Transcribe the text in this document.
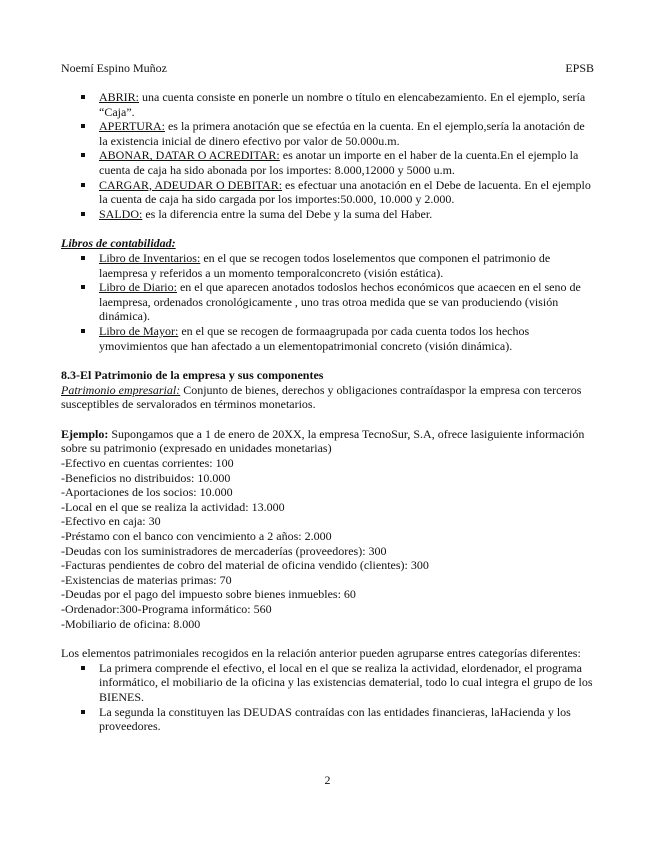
Noemí Espino Muñoz	EPSB
ABRIR: una cuenta consiste en ponerle un nombre o título en elencabezamiento. En el ejemplo, sería “Caja”.
APERTURA: es la primera anotación que se efectúa en la cuenta. En el ejemplo,sería la anotación de la existencia inicial de dinero efectivo por valor de 50.000u.m.
ABONAR, DATAR O ACREDITAR: es anotar un importe en el haber de la cuenta.En el ejemplo la cuenta de caja ha sido abonada por los importes: 8.000,12000 y 5000 u.m.
CARGAR, ADEUDAR O DEBITAR: es efectuar una anotación en el Debe de lacuenta. En el ejemplo la cuenta de caja ha sido cargada por los importes:50.000, 10.000 y 2.000.
SALDO: es la diferencia entre la suma del Debe y la suma del Haber.
Libros de contabilidad:
Libro de Inventarios: en el que se recogen todos loselementos que componen el patrimonio de laempresa y referidos a un momento temporalconcreto (visión estática).
Libro de Diario: en el que aparecen anotados todoslos hechos económicos que acaecen en el seno de laempresa, ordenados cronológicamente , uno tras otroa medida que se van produciendo (visión dinámica).
Libro de Mayor: en el que se recogen de formaagrupada por cada cuenta todos los hechos ymovimientos que han afectado a un elementopatrimonial concreto (visión dinámica).
8.3-El Patrimonio de la empresa y sus componentes
Patrimonio empresarial: Conjunto de bienes, derechos y obligaciones contraídaspor la empresa con terceros susceptibles de servalorados en términos monetarios.
Ejemplo: Supongamos que a 1 de enero de 20XX, la empresa TecnoSur, S.A, ofrece lasiguiente información sobre su patrimonio (expresado en unidades monetarias)
-Efectivo en cuentas corrientes: 100
-Beneficios no distribuidos: 10.000
-Aportaciones de los socios: 10.000
-Local en el que se realiza la actividad: 13.000
-Efectivo en caja: 30
-Préstamo con el banco con vencimiento a 2 años: 2.000
-Deudas con los suministradores de mercaderías (proveedores): 300
-Facturas pendientes de cobro del material de oficina vendido (clientes): 300
-Existencias de materias primas: 70
-Deudas por el pago del impuesto sobre bienes inmuebles: 60
-Ordenador:300-Programa informático: 560
-Mobiliario de oficina: 8.000
Los elementos patrimoniales recogidos en la relación anterior pueden agruparse entres categorías diferentes:
La primera comprende el efectivo, el local en el que se realiza la actividad, elordenador, el programa informático, el mobiliario de la oficina y las existencias dematerial, todo lo cual integra el grupo de los BIENES.
La segunda la constituyen las DEUDAS contraídas con las entidades financieras, laHacienda y los proveedores.
2
